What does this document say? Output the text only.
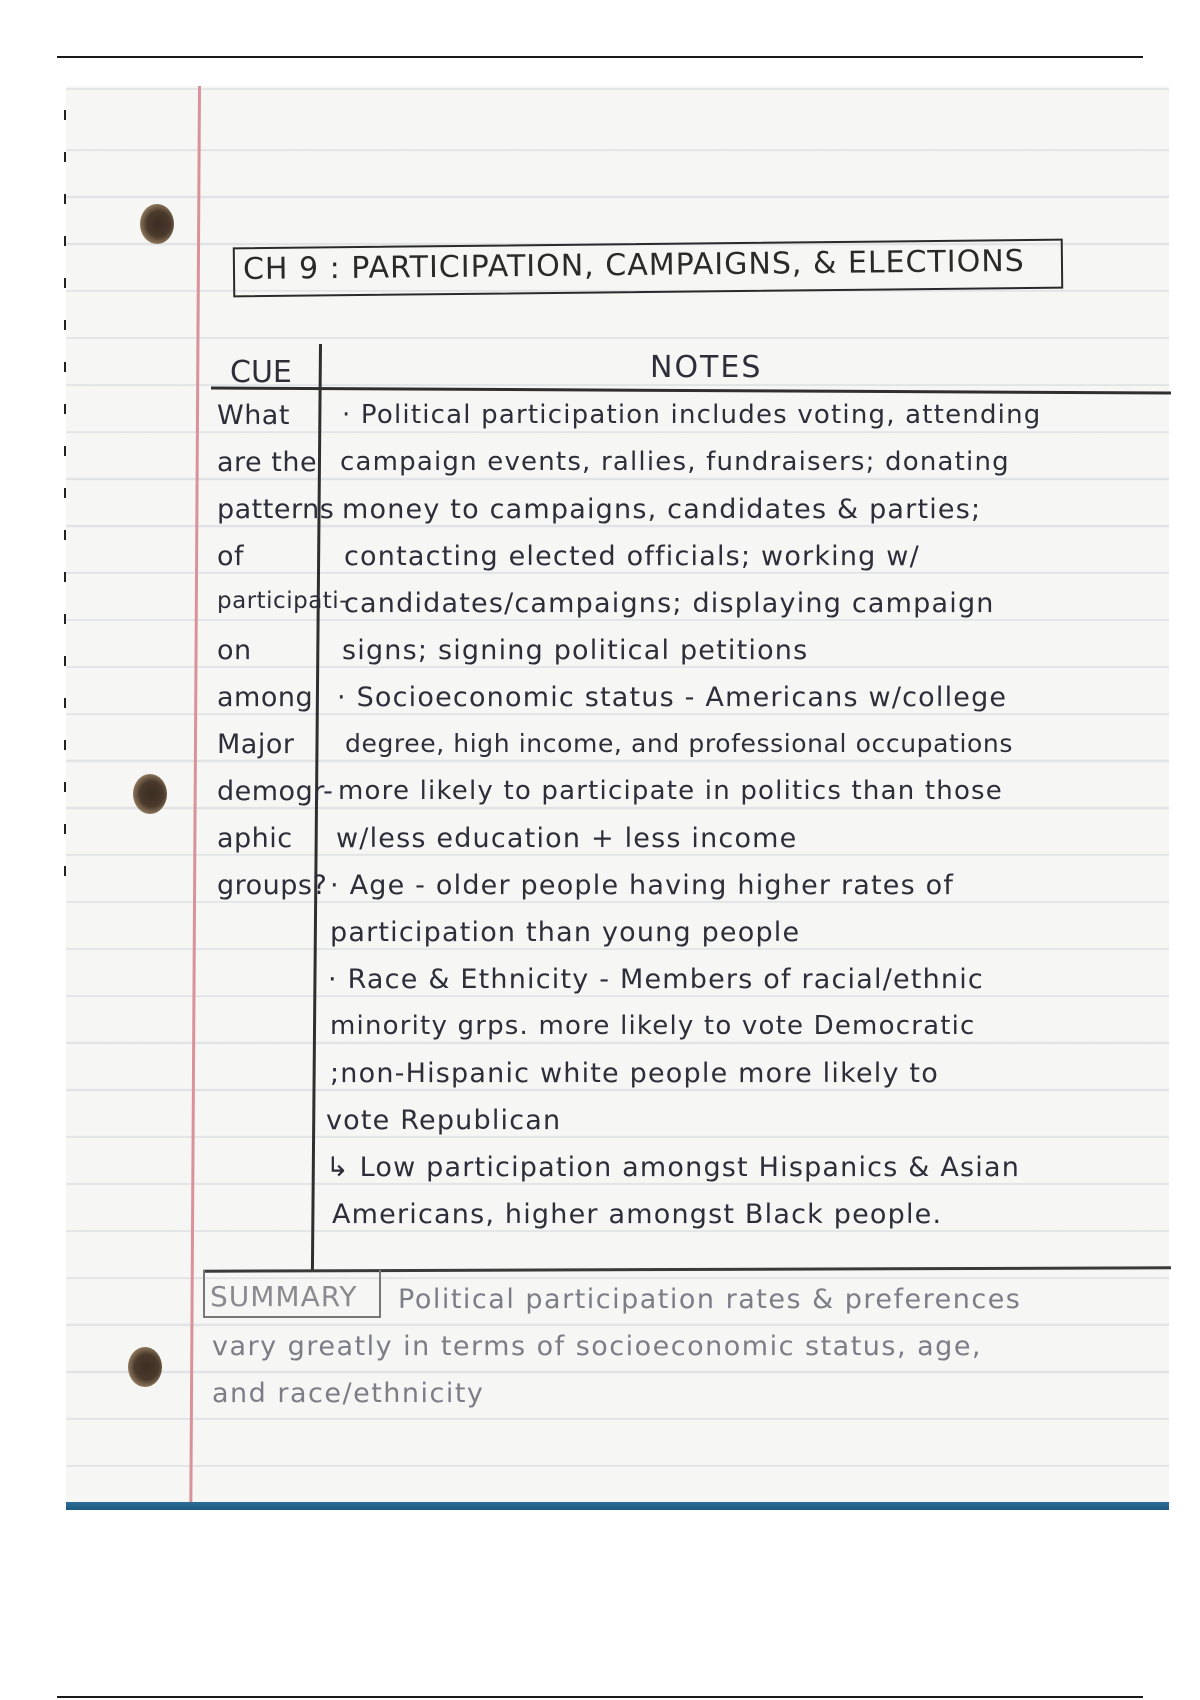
CH 9 : PARTICIPATION, CAMPAIGNS, & ELECTIONS
CUE	NOTES
What
are the
patterns
of
participati-
on
among
Major
demogr-
aphic
groups?
· Political participation includes voting, attending
campaign events, rallies, fundraisers; donating
money to campaigns, candidates & parties;
contacting elected officials; working w/
candidates/campaigns; displaying campaign
signs; signing political petitions
· Socioeconomic status - Americans w/college
degree, high income, and professional occupations
more likely to participate in politics than those
w/less education + less income
· Age - older people having higher rates of
participation than young people
· Race & Ethnicity - Members of racial/ethnic
minority grps. more likely to vote Democratic
;non-Hispanic white people more likely to
vote Republican
↳ Low participation amongst Hispanics & Asian
Americans, higher amongst Black people.
SUMMARY Political participation rates & preferences
vary greatly in terms of socioeconomic status, age,
and race/ethnicity
